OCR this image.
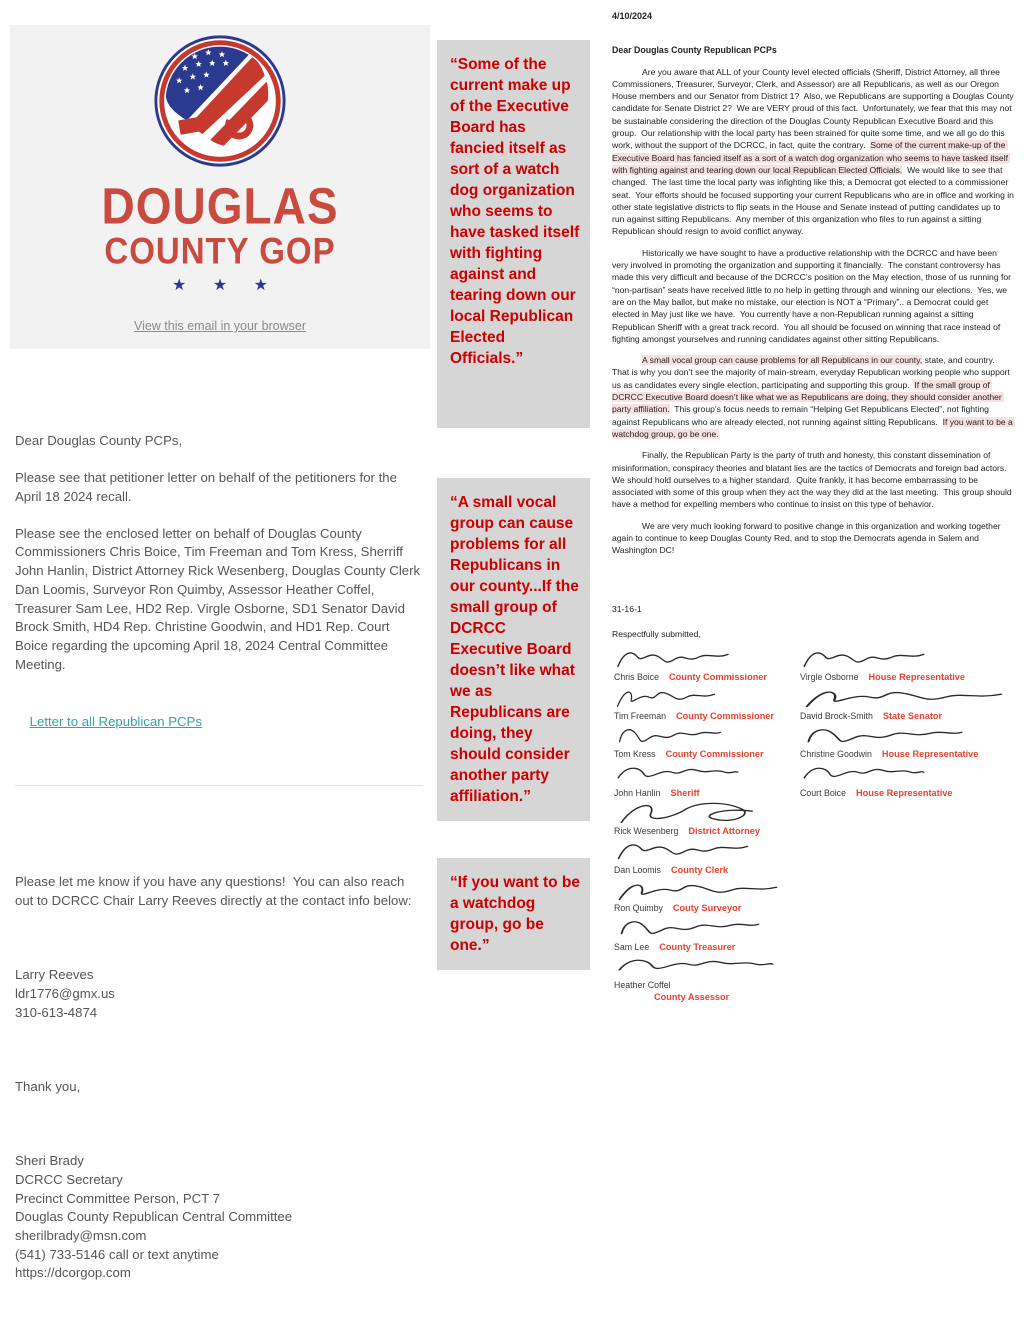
DOUGLAS
COUNTY GOP
★ ★ ★
View this email in your browser

Dear Douglas County PCPs,

Please see that petitioner letter on behalf of the petitioners for the April 18 2024 recall.

Please see the enclosed letter on behalf of Douglas County Commissioners Chris Boice, Tim Freeman and Tom Kress, Sherriff John Hanlin, District Attorney Rick Wesenberg, Douglas County Clerk Dan Loomis, Surveyor Ron Quimby, Assessor Heather Coffel, Treasurer Sam Lee, HD2 Rep. Virgle Osborne, SD1 Senator David Brock Smith, HD4 Rep. Christine Goodwin, and HD1 Rep. Court Boice regarding the upcoming April 18, 2024 Central Committee Meeting.

Letter to all Republican PCPs

Please let me know if you have any questions!  You can also reach out to DCRCC Chair Larry Reeves directly at the contact info below:

Larry Reeves
ldr1776@gmx.us
310-613-4874

Thank you,

Sheri Brady
DCRCC Secretary
Precinct Committee Person, PCT 7
Douglas County Republican Central Committee
sherilbrady@msn.com
(541) 733-5146 call or text anytime
https://dcorgop.com

“Some of the current make up of the Executive Board has fancied itself as sort of a watch dog organization who seems to have tasked itself with fighting against and tearing down our local Republican Elected Officials.”
“A small vocal group can cause problems for all Republicans in our county...If the small group of DCRCC Executive Board doesn’t like what we as Republicans are doing, they should consider another party affiliation.”
“If you want to be a watchdog group, go be one.”
4/10/2024
Dear Douglas County Republican PCPs
Are you aware that ALL of your County level elected officials (Sheriff, District Attorney, all three Commissioners, Treasurer, Surveyor, Clerk, and Assessor) are all Republicans, as well as our Oregon House members and our Senator from District 1?  Also, we Republicans are supporting a Douglas County candidate for Senate District 2?  We are VERY proud of this fact.  Unfortunately, we fear that this may not be sustainable considering the direction of the Douglas County Republican Executive Board and this group.  Our relationship with the local party has been strained for quite some time, and we all go do this work, without the support of the DCRCC, in fact, quite the contrary.  Some of the current make-up of the Executive Board has fancied itself as a sort of a watch dog organization who seems to have tasked itself with fighting against and tearing down our local Republican Elected Officials.  We would like to see that changed.  The last time the local party was infighting like this, a Democrat got elected to a commissioner seat.  Your efforts should be focused supporting your current Republicans who are in office and working in other state legislative districts to flip seats in the House and Senate instead of putting candidates up to run against sitting Republicans.  Any member of this organization who files to run against a sitting Republican should resign to avoid conflict anyway.
Historically we have sought to have a productive relationship with the DCRCC and have been very involved in promoting the organization and supporting it financially.  The constant controversy has made this very difficult and because of the DCRCC’s position on the May election, those of us running for “non-partisan” seats have received little to no help in getting through and winning our elections.  Yes, we are on the May ballot, but make no mistake, our election is NOT a “Primary”.. a Democrat could get elected in May just like we have.  You currently have a non-Republican running against a sitting Republican Sheriff with a great track record.  You all should be focused on winning that race instead of fighting amongst yourselves and running candidates against other sitting Republicans.
A small vocal group can cause problems for all Republicans in our county, state, and country.  That is why you don’t see the majority of main-stream, everyday Republican working people who support us as candidates every single election, participating and supporting this group.  If the small group of DCRCC Executive Board doesn’t like what we as Republicans are doing, they should consider another party affiliation.  This group’s focus needs to remain “Helping Get Republicans Elected”, not fighting against Republicans who are already elected, not running against sitting Republicans.  If you want to be a watchdog group, go be one.
Finally, the Republican Party is the party of truth and honesty, this constant dissemination of misinformation, conspiracy theories and blatant lies are the tactics of Democrats and foreign bad actors.  We should hold ourselves to a higher standard.  Quite frankly, it has become embarrassing to be associated with some of this group when they act the way they did at the last meeting.  This group should have a method for expelling members who continue to insist on this type of behavior.
We are very much looking forward to positive change in this organization and working together again to continue to keep Douglas County Red, and to stop the Democrats agenda in Salem and Washington DC!
31-16-1
Respectfully submitted,
Chris Boice County Commissioner
Tim Freeman County Commissioner
Tom Kress County Commissioner
John Hanlin Sheriff
Rick Wesenberg District Attorney
Dan Loomis County Clerk
Ron Quimby Couty Surveyor
Sam Lee County Treasurer
Heather Coffel
County Assessor
Virgle Osborne House Representative
David Brock-Smith State Senator
Christine Goodwin House Representative
Court Boice House Representative
